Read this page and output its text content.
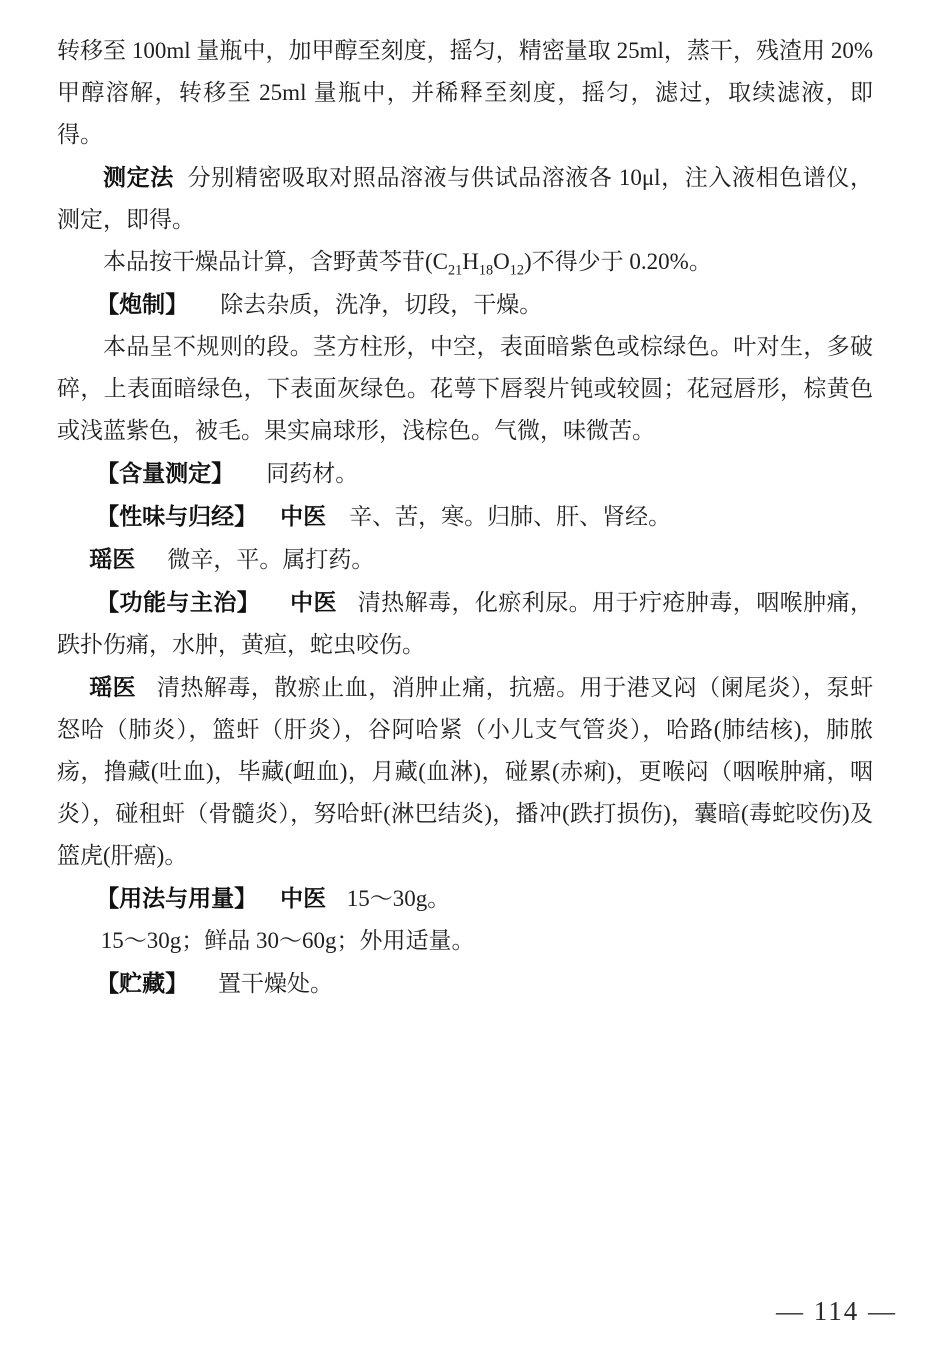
转移至 100ml 量瓶中，加甲醇至刻度，摇匀，精密量取 25ml，蒸干，残渣用 20%甲醇溶解，转移至 25ml 量瓶中，并稀释至刻度，摇匀，滤过，取续滤液，即得。

测定法 分别精密吸取对照品溶液与供试品溶液各 10μl，注入液相色谱仪，测定，即得。

本品按干燥品计算，含野黄芩苷$(C_{21}H_{18}O_{12})$不得少于 0.20%。

【炮制】 除去杂质，洗净，切段，干燥。

本品呈不规则的段。茎方柱形，中空，表面暗紫色或棕绿色。叶对生，多破碎，上表面暗绿色，下表面灰绿色。花萼下唇裂片钝或较圆；花冠唇形，棕黄色或浅蓝紫色，被毛。果实扁球形，浅棕色。气微，味微苦。

【含量测定】 同药材。

【性味与归经】 中医 辛、苦，寒。归肺、肝、肾经。

瑶医 微辛，平。属打药。

【功能与主治】 中医 清热解毒，化瘀利尿。用于疔疮肿毒，咽喉肿痛，跌扑伤痛，水肿，黄疸，蛇虫咬伤。

瑶医 清热解毒，散瘀止血，消肿止痛，抗癌。用于港叉闷（阑尾炎），泵虷怒哈（肺炎），篮虷（肝炎），谷阿哈紧（小儿支气管炎），哈路(肺结核)，肺脓疡，撸藏(吐血)，毕藏(衄血)，月藏(血淋)，碰累(赤痢)，更喉闷（咽喉肿痛，咽炎），碰租虷（骨髓炎），努哈虷(淋巴结炎)，播冲(跌打损伤)，囊暗(毒蛇咬伤)及篮虎(肝癌)。

【用法与用量】 中医 15～30g。

15～30g；鲜品 30～60g；外用适量。

【贮藏】 置干燥处。

— 114 —
